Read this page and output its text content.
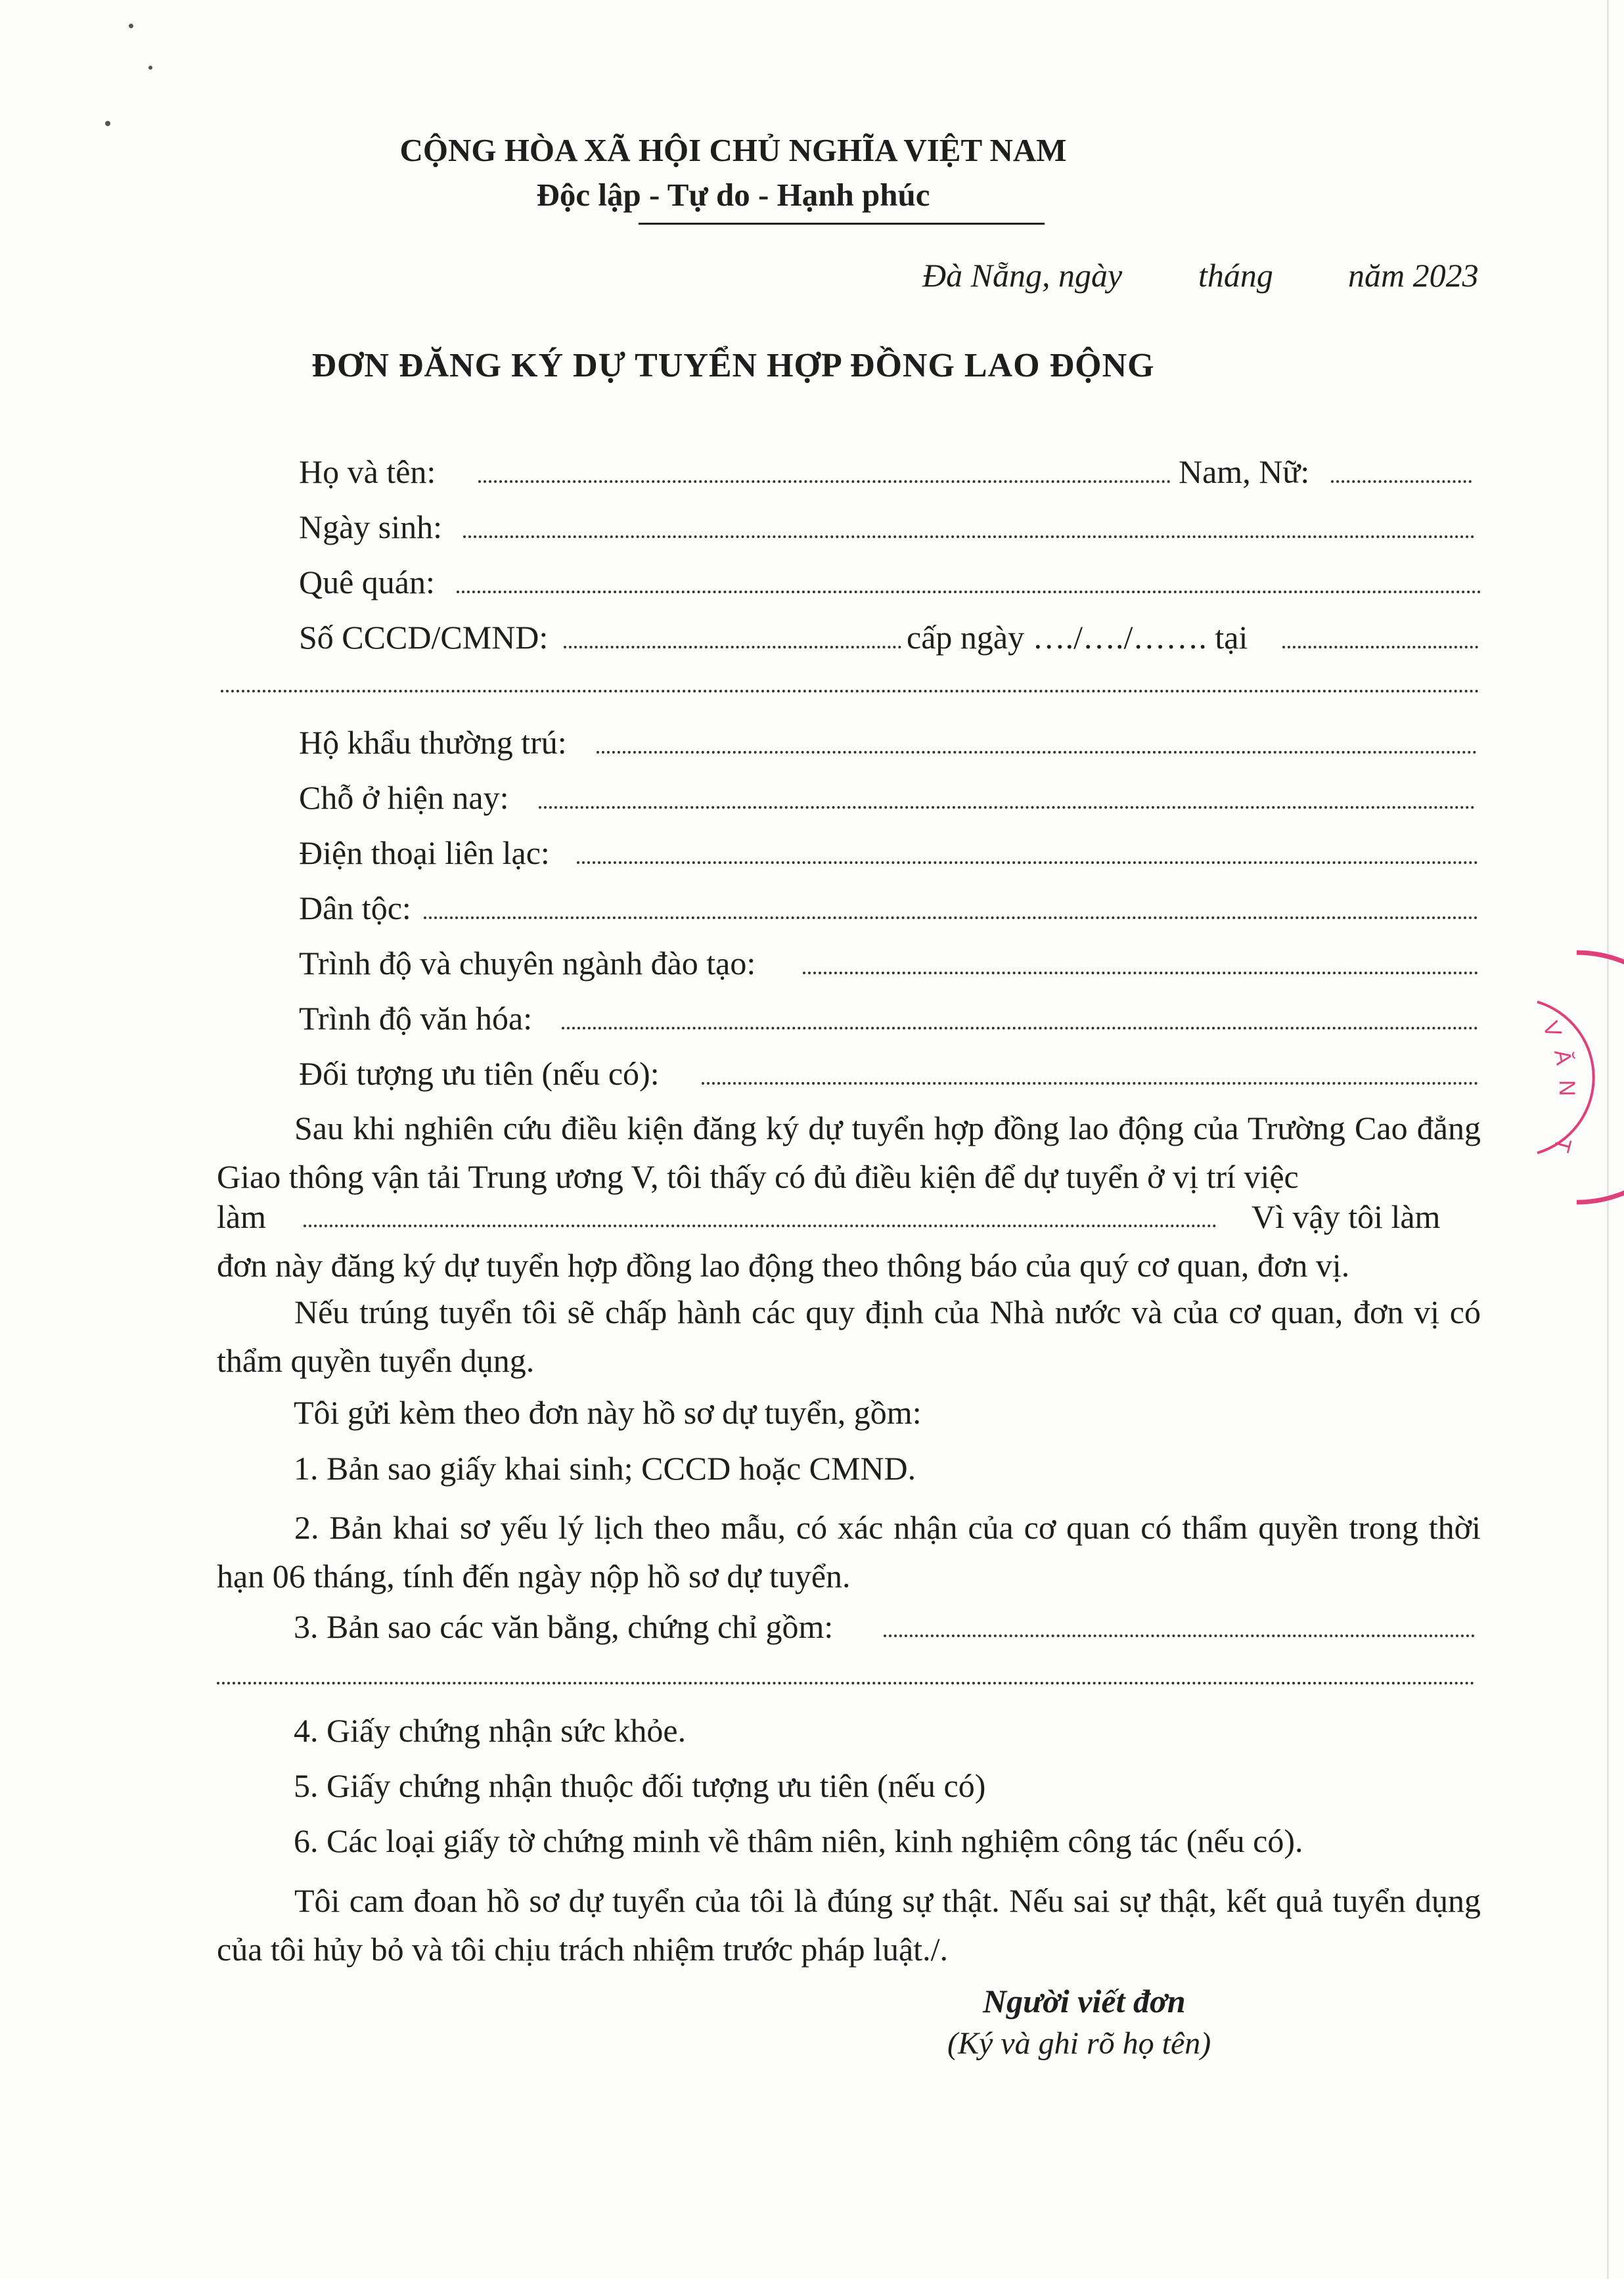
CỘNG HÒA XÃ HỘI CHỦ NGHĨA VIỆT NAM
Độc lập - Tự do - Hạnh phúc
Đà Nẵng, ngày tháng năm 2023
ĐƠN ĐĂNG KÝ DỰ TUYỂN HỢP ĐỒNG LAO ĐỘNG
Họ và tên:	Nam, Nữ:
Ngày sinh:
Quê quán:
Số CCCD/CMND:	cấp ngày …./…./……. tại
Hộ khẩu thường trú:
Chỗ ở hiện nay:
Điện thoại liên lạc:
Dân tộc:
Trình độ và chuyên ngành đào tạo:
Trình độ văn hóa:
Đối tượng ưu tiên (nếu có):
Sau khi nghiên cứu điều kiện đăng ký dự tuyển hợp đồng lao động của Trường Cao đẳng Giao thông vận tải Trung ương V, tôi thấy có đủ điều kiện để dự tuyển ở vị trí việc
làm	Vì vậy tôi làm
đơn này đăng ký dự tuyển hợp đồng lao động theo thông báo của quý cơ quan, đơn vị.
Nếu trúng tuyển tôi sẽ chấp hành các quy định của Nhà nước và của cơ quan, đơn vị có thẩm quyền tuyển dụng.
Tôi gửi kèm theo đơn này hồ sơ dự tuyển, gồm:
1. Bản sao giấy khai sinh; CCCD hoặc CMND.
2. Bản khai sơ yếu lý lịch theo mẫu, có xác nhận của cơ quan có thẩm quyền trong thời hạn 06 tháng, tính đến ngày nộp hồ sơ dự tuyển.
3. Bản sao các văn bằng, chứng chỉ gồm:
4. Giấy chứng nhận sức khỏe.
5. Giấy chứng nhận thuộc đối tượng ưu tiên (nếu có)
6. Các loại giấy tờ chứng minh về thâm niên, kinh nghiệm công tác (nếu có).
Tôi cam đoan hồ sơ dự tuyển của tôi là đúng sự thật. Nếu sai sự thật, kết quả tuyển dụng của tôi hủy bỏ và tôi chịu trách nhiệm trước pháp luật./.
Người viết đơn
(Ký và ghi rõ họ tên)
V
Ă
N
T
